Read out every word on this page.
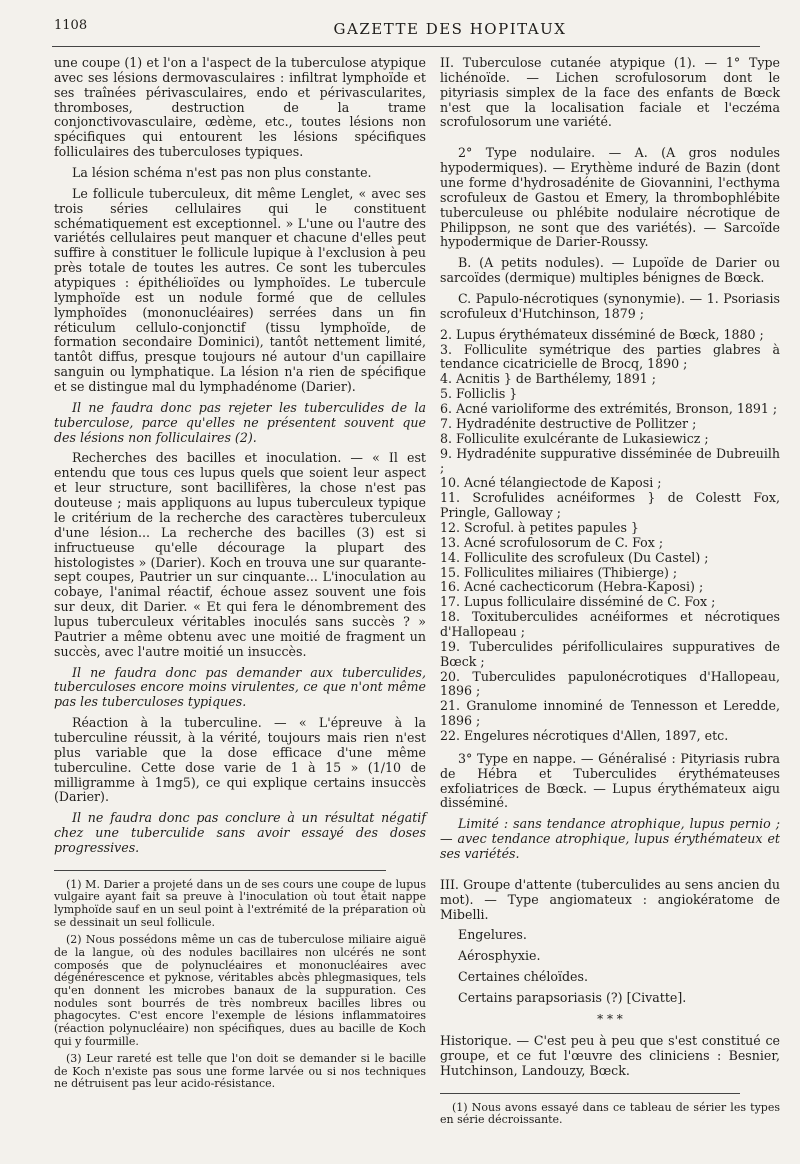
1108	GAZETTE DES HOPITAUX

une coupe (1) et l'on a l'aspect de la tuberculose atypique avec ses lésions dermovasculaires : infiltrat lymphoïde et ses traînées périvasculaires, endo et périvascularites, thromboses, destruction de la trame conjonctivovasculaire, œdème, etc., toutes lésions non spécifiques qui entourent les lésions spécifiques folliculaires des tuberculoses typiques.

La lésion schéma n'est pas non plus constante.

Le follicule tuberculeux, dit même Lenglet, « avec ses trois séries cellulaires qui le constituent schématiquement est exceptionnel. » L'une ou l'autre des variétés cellulaires peut manquer et chacune d'elles peut suffire à constituer le follicule lupique à l'exclusion à peu près totale de toutes les autres. Ce sont les tubercules atypiques : épithélioïdes ou lymphoïdes. Le tubercule lymphoïde est un nodule formé que de cellules lymphoïdes (mononucléaires) serrées dans un fin réticulum cellulo-conjonctif (tissu lymphoïde, de formation secondaire Dominici), tantôt nettement limité, tantôt diffus, presque toujours né autour d'un capillaire sanguin ou lymphatique. La lésion n'a rien de spécifique et se distingue mal du lymphadénome (Darier).

Il ne faudra donc pas rejeter les tuberculides de la tuberculose, parce qu'elles ne présentent souvent que des lésions non folliculaires (2).

Recherches des bacilles et inoculation. — « Il est entendu que tous ces lupus quels que soient leur aspect et leur structure, sont bacillifères, la chose n'est pas douteuse ; mais appliquons au lupus tuberculeux typique le critérium de la recherche des caractères tuberculeux d'une lésion... La recherche des bacilles (3) est si infructueuse qu'elle décourage la plupart des histologistes » (Darier). Koch en trouva une sur quarante-sept coupes, Pautrier un sur cinquante... L'inoculation au cobaye, l'animal réactif, échoue assez souvent une fois sur deux, dit Darier. « Et qui fera le dénombrement des lupus tuberculeux véritables inoculés sans succès ? » Pautrier a même obtenu avec une moitié de fragment un succès, avec l'autre moitié un insuccès.

Il ne faudra donc pas demander aux tuberculides, tuberculoses encore moins virulentes, ce que n'ont même pas les tuberculoses typiques.

Réaction à la tuberculine. — « L'épreuve à la tuberculine réussit, à la vérité, toujours mais rien n'est plus variable que la dose efficace d'une même tuberculine. Cette dose varie de 1 à 15 » (1/10 de milligramme à 1mg5), ce qui explique certains insuccès (Darier).

Il ne faudra donc pas conclure à un résultat négatif chez une tuberculide sans avoir essayé des doses progressives.

(1) M. Darier a projeté dans un de ses cours une coupe de lupus vulgaire ayant fait sa preuve à l'inoculation où tout était nappe lymphoïde sauf en un seul point à l'extrémité de la préparation où se dessinait un seul follicule.

(2) Nous possédons même un cas de tuberculose miliaire aiguë de la langue, où des nodules bacillaires non ulcérés ne sont composés que de polynucléaires et mononucléaires avec dégénérescence et pyknose, véritables abcès phlegmasiques, tels qu'en donnent les microbes banaux de la suppuration. Ces nodules sont bourrés de très nombreux bacilles libres ou phagocytes. C'est encore l'exemple de lésions inflammatoires (réaction polynucléaire) non spécifiques, dues au bacille de Koch qui y fourmille.

(3) Leur rareté est telle que l'on doit se demander si le bacille de Koch n'existe pas sous une forme larvée ou si nos techniques ne détruisent pas leur acido-résistance.

II. Tuberculose cutanée atypique (1). — 1° Type lichénoïde. — Lichen scrofulosorum dont le pityriasis simplex de la face des enfants de Bœck n'est que la localisation faciale et l'eczéma scrofulosorum une variété.

2° Type nodulaire. — A. (A gros nodules hypodermiques). — Erythème induré de Bazin (dont une forme d'hydrosadénite de Giovannini, l'ecthyma scrofuleux de Gastou et Emery, la thrombophlébite tuberculeuse ou phlébite nodulaire nécrotique de Philippson, ne sont que des variétés). — Sarcoïde hypodermique de Darier-Roussy.

B. (A petits nodules). — Lupoïde de Darier ou sarcoïdes (dermique) multiples bénignes de Bœck.

C. Papulo-nécrotiques (synonymie). — 1. Psoriasis scrofuleux d'Hutchinson, 1879 ;

2. Lupus érythémateux disséminé de Bœck, 1880 ;
3. Folliculite symétrique des parties glabres à tendance cicatricielle de Brocq, 1890 ;
4. Acnitis } de Barthélemy, 1891 ;
5. Folliclis }
6. Acné varioliforme des extrémités, Bronson, 1891 ;
7. Hydradénite destructive de Pollitzer ;
8. Folliculite exulcérante de Lukasiewicz ;
9. Hydradénite suppurative disséminée de Dubreuilh ;
10. Acné télangiectode de Kaposi ;
11. Scrofulides acnéiformes } de Colestt Fox, Pringle, Galloway ;
12. Scroful. à petites papules }
13. Acné scrofulosorum de C. Fox ;
14. Folliculite des scrofuleux (Du Castel) ;
15. Folliculites miliaires (Thibierge) ;
16. Acné cachecticorum (Hebra-Kaposi) ;
17. Lupus folliculaire disséminé de C. Fox ;
18. Toxituberculides acnéiformes et nécrotiques d'Hallopeau ;
19. Tuberculides périfolliculaires suppuratives de Bœck ;
20. Tuberculides papulonécrotiques d'Hallopeau, 1896 ;
21. Granulome innominé de Tennesson et Leredde, 1896 ;
22. Engelures nécrotiques d'Allen, 1897, etc.

3° Type en nappe. — Généralisé : Pityriasis rubra de Hébra et Tuberculides érythémateuses exfoliatrices de Bœck. — Lupus érythémateux aigu disséminé.

Limité : sans tendance atrophique, lupus pernio ; — avec tendance atrophique, lupus érythémateux et ses variétés.

III. Groupe d'attente (tuberculides au sens ancien du mot). — Type angiomateux : angiokératome de Mibelli.

Engelures.

Aérosphyxie.

Certaines chéloïdes.

Certains parapsoriasis (?) [Civatte].

* * *

Historique. — C'est peu à peu que s'est constitué ce groupe, et ce fut l'œuvre des cliniciens : Besnier, Hutchinson, Landouzy, Bœck.

(1) Nous avons essayé dans ce tableau de sérier les types en série décroissante.
